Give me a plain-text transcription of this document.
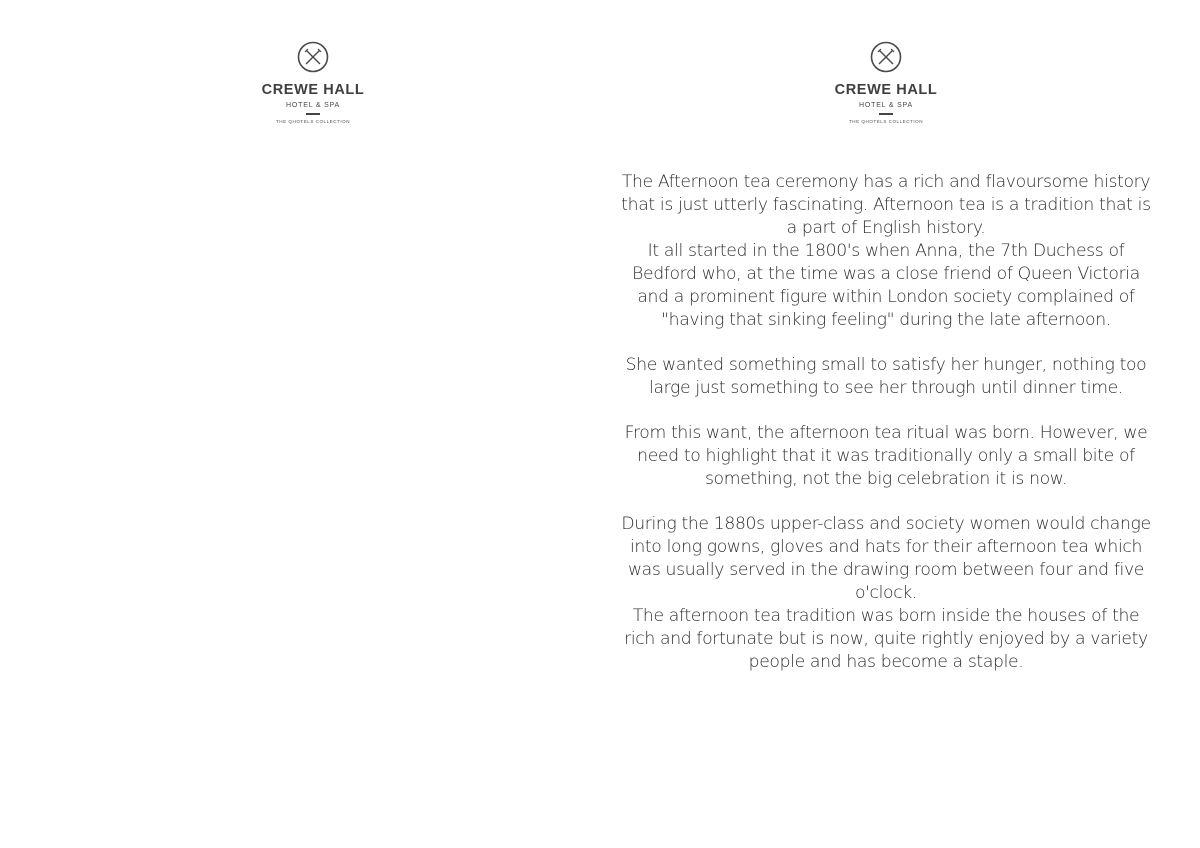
CREWE HALL
HOTEL & SPA
THE QHOTELS COLLECTION
CREWE HALL
HOTEL & SPA
THE QHOTELS COLLECTION

The Afternoon tea ceremony has a rich and flavoursome history that is just utterly fascinating. Afternoon tea is a tradition that is a part of English history.

It all started in the 1800's when Anna, the 7th Duchess of Bedford who, at the time was a close friend of Queen Victoria and a prominent figure within London society complained of "having that sinking feeling" during the late afternoon.

She wanted something small to satisfy her hunger, nothing too large just something to see her through until dinner time.

From this want, the afternoon tea ritual was born. However, we need to highlight that it was traditionally only a small bite of something, not the big celebration it is now.

During the 1880s upper-class and society women would change into long gowns, gloves and hats for their afternoon tea which was usually served in the drawing room between four and five o'clock.

The afternoon tea tradition was born inside the houses of the rich and fortunate but is now, quite rightly enjoyed by a variety people and has become a staple.
